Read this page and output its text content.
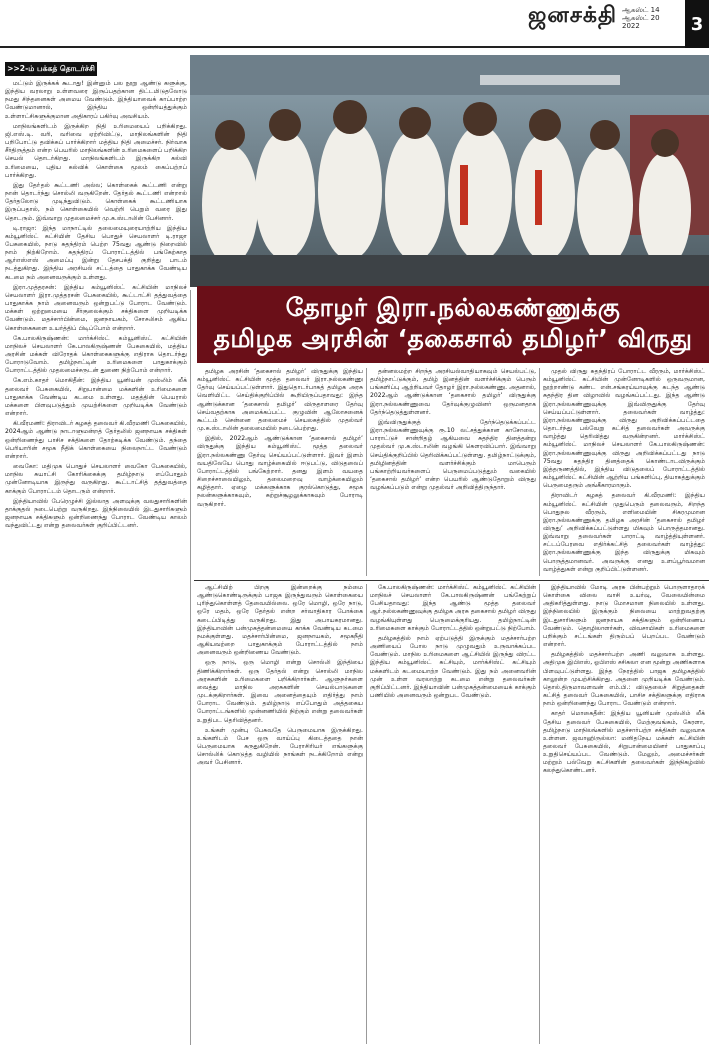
ஜனசக்தி ஆகஸ்ட் 14
ஆகஸ்ட் 20
2022	3
>>2-ம் பக்கத் தொடர்ச்சி

மட்டும் இருக்கக் கூடாது! இன்னும் பல நூறு ஆண்டு களுக்கு, இந்திய வரலாறு உள்ளவரை இருப்பதற்கான திட்டமிடுதலோடு நமது சிந்தனைகள் அமைய வேண்டும். இந்தியாவைக் காப்பாற்ற வேண்டுமானால், இந்திய ஒன்றியத்துக்கும் உள்ளாட்சிகளுக்குமான அதிகாரப் பகிர்வு அவசியம்.

மாநிலங்களிடம் இருக்கிற நிதி உரிமையைப் பறிக்கிறது. ஜி.எஸ்.டி. வரி, வரிவை ஏற்றிவிட்டு, மாநிலங்களின் நிதி பறிபோட்டு தவிக்கப் பார்க்கிறார் மத்திய நிதி அமைச்சர். நிர்வாக சீர்திருத்தம் என்ற பெயரில் மாநிலங்களின் உரிமைகளைப் பறிக்கிற செயல் தொடர்கிறது. மாநிலங்களிடம் இருக்கிற கல்வி உரிமையை, புதிய கல்விக் கொள்கை மூலம் கைப்பற்றப் பார்க்கிறது.

இது தோ்தல் கூட்டணி அல்ல; கொள்கைக் கூட்டணி என்று நான் தொடர்ந்து சொல்லி வருகிறேன். தேர்தல் கூட்டணி என்றால் தேர்தலோடு முடிந்துவிடும். கொள்கைக் கூட்டணியாக இருப்பதால், நம் கொள்கையில் வெற்றி பெறும் வரை இது தொடரும். இவ்வாறு முதலமைச்சர் மு.க.ஸ்டாலின் பேசினார்.

டி.ராஜா: இந்த மாநாட்டில் தலைமையுரையாற்றிய இந்திய கம்யூனிஸ்ட் கட்சியின் தேசிய பொதுச் செயலாளர் டி.ராஜா பேசுகையில், நாடு சுதந்திரம் பெற்ற 75வது ஆண்டு நிறைவில் நாம் நிற்கிறோம். சுதந்திரப் போராட்டத்தில் பங்கேற்காத ஆர்எஸ்எஸ் அமைப்பு இன்று தேசபக்தி குறித்து பாடம் நடத்துகிறது. இந்திய அரசியல் சட்டத்தை பாதுகாக்க வேண்டிய கடமை நம் அனைவருக்கும் உள்ளது.

இரா.முத்தரசன்: இந்திய கம்யூனிஸ்ட் கட்சியின் மாநிலச் செயலாளர் இரா.முத்தரசன் பேசுகையில், கூட்டாட்சி தத்துவத்தை பாதுகாக்க நாம் அனைவரும் ஒன்றுபட்டு போராட வேண்டும். மக்கள் ஒற்றுமையை சீர்குலைக்கும் சக்திகளை முறியடிக்க வேண்டும். மதச்சார்பின்மை, ஜனநாயகம், சோசலிசம் ஆகிய கொள்கைகளை உயர்த்திப் பிடிப்போம் என்றார்.

கே.பாலகிருஷ்ணன்: மார்க்சிஸ்ட் கம்யூனிஸ்ட் கட்சியின் மாநிலச் செயலாளர் கே.பாலகிருஷ்ணன் பேசுகையில், மத்திய அரசின் மக்கள் விரோதக் கொள்கைகளுக்கு எதிராக தொடர்ந்து போராடுவோம். தமிழ்நாட்டின் உரிமைகளை பாதுகாக்கும் போராட்டத்தில் முதலமைச்சருடன் துணை நிற்போம் என்றார்.

கே.எம்.காதர் மொகிதீன்: இந்திய யூனியன் முஸ்லிம் லீக் தலைவர் பேசுகையில், சிறுபான்மை மக்களின் உரிமைகளை பாதுகாக்க வேண்டிய கடமை உள்ளது. மதத்தின் பெயரால் மக்களை பிளவுபடுத்தும் முயற்சிகளை முறியடிக்க வேண்டும் என்றார்.

கி.வீரமணி: திராவிடர் கழகத் தலைவர் கி.வீரமணி பேசுகையில், 2024ஆம் ஆண்டு நாடாளுமன்றத் தேர்தலில் ஜனநாயக சக்திகள் ஒன்றிணைந்து பாசிச சக்திகளை தோற்கடிக்க வேண்டும். தந்தை பெரியாரின் சமூக நீதிக் கொள்கையை நிலைநாட்ட வேண்டும் என்றார்.

வைகோ: மதிமுக பொதுச் செயலாளர் வைகோ பேசுகையில், மாநில சுயாட்சி கோரிக்கைக்கு தமிழ்நாடு எப்போதும் முன்னோடியாக இருந்து வருகிறது. கூட்டாட்சித் தத்துவத்தை காக்கும் போராட்டம் தொடரும் என்றார்.

இந்தியாவில் பேரெழுச்சி இல்லாத அளவுக்கு வலதுசாரிகளின் தாக்குதல் நடைபெற்று வருகிறது. இந்நிலையில் இடதுசாரிகளும் ஜனநாயக சக்திகளும் ஒன்றிணைந்து போராட வேண்டிய காலம் வந்துவிட்டது என்று தலைவர்கள் குறிப்பிட்டனர்.

தோழர் இரா.நல்லகண்ணுக்கு
தமிழக அரசின் ‘தகைசால் தமிழர்’ விருது

தமிழக அரசின் ‘தகைசால் தமிழர்’ விருதுக்கு இந்திய கம்யூனிஸ்ட் கட்சியின் மூத்த தலைவர் இரா.நல்லகண்ணு தேர்வு செய்யப்பட்டுள்ளார். இதுதொடர்பாகத் தமிழக அரசு வெளியிட்ட செய்திக்குறிப்பில் கூறியிருப்பதாவது: இந்த ஆண்டுக்கான ‘தகைசால் தமிழர்’ விருதாளரை தேர்வு செய்வதற்காக அமைக்கப்பட்ட குழுவின் ஆலோசனைக் கூட்டம் சென்னை தலைமைச் செயலகத்தில் முதல்வர் மு.க.ஸ்டாலின் தலைமையில் நடைபெற்றது.

இதில், 2022ஆம் ஆண்டுக்கான ‘தகைசால் தமிழர்’ விருதுக்கு இந்திய கம்யூனிஸ்ட் மூத்த தலைவர் இரா.நல்லகண்ணு தேர்வு செய்யப்பட்டுள்ளார். இவர் இளம் வயதிலேயே பொது வாழ்க்கையில் ஈடுபட்டு, விடுதலைப் போராட்டத்தில் பங்கேற்றார். தனது இளம் வயதை சிறைச்சாலையிலும், தலைமறைவு வாழ்க்கையிலும் கழித்தார். ஏழை மக்களுக்காக குரல்கொடுத்து, சமூக நலன்களுக்காகவும், சுற்றுச்சூழலுக்காகவும் போராடி வருகிறார்.

தன்னலமற்ற சிறந்த அரசியல்வாதியாகவும் செயல்பட்டு, தமிழ்நாட்டுக்கும், தமிழ் இனத்தின் வளர்ச்சிக்கும் பெரும் பங்களிப்பு ஆற்றியவர் தோழர் இரா.நல்லகண்ணு. அதனால், 2022ஆம் ஆண்டுக்கான ‘தகைசால் தமிழர்’ விருதுக்கு இரா.நல்லகண்ணுவை தேர்வுக்குழுவினர் ஒருமனதாக தேர்ந்தெடுத்துள்ளனர்.

இவ்விருதுக்குத் தேர்ந்தெடுக்கப்பட்ட இரா.நல்லகண்ணுவுக்கு ரூ.10 லட்சத்துக்கான காசோலை, பாராட்டுச் சான்றிதழ் ஆகியவை சுதந்திர தினத்தன்று முதல்வர் மு.க.ஸ்டாலின் வழங்கி கௌரவிப்பார். இவ்வாறு செய்திக்குறிப்பில் தெரிவிக்கப்பட்டுள்ளது. தமிழ்நாட்டுக்கும், தமிழினத்தின் வளர்ச்சிக்கும் மாபெரும் பங்காற்றியவர்களைப் பெருமைப்படுத்தும் வகையில் ‘தகைசால் தமிழர்’ என்ற பெயரில் ஆண்டுதோறும் விருது வழங்கப்படும் என்று முதல்வர் அறிவித்திருந்தார்.

முதல் விருது சுதந்திரப் போராட்ட வீரரும், மார்க்சிஸ்ட் கம்யூனிஸ்ட் கட்சியின் முன்னோடிகளில் ஒருவருமான, நூற்றாண்டு கண்ட என்.சங்கரய்யாவுக்கு கடந்த ஆண்டு சுதந்திர தின விழாவில் வழங்கப்பட்டது. இந்த ஆண்டு இரா.நல்லகண்ணுவுக்கு இவ்விருதுக்கு தேர்வு செய்யப்பட்டுள்ளார். தலைவர்கள் வாழ்த்து: இரா.நல்லகண்ணுவுக்கு விருது அறிவிக்கப்பட்டதை தொடர்ந்து பல்வேறு கட்சித் தலைவர்கள் அவருக்கு வாழ்த்து தெரிவித்து வருகின்றனர். மார்க்சிஸ்ட் கம்யூனிஸ்ட் மாநிலச் செயலாளர் கே.பாலகிருஷ்ணன்: இரா.நல்லகண்ணுவுக்கு விருது அறிவிக்கப்பட்டது நாடு 75வது சுதந்திர தினத்தைக் கொண்டாடவிருக்கும் இத்தருணத்தில், இந்திய விடுதலைப் போராட்டத்தில் கம்யூனிஸ்ட் கட்சியின் ஆற்றிய பங்களிப்பு, தியாகத்துக்கும் பெருமைதரும் அங்கீகாரமாகும்.

திராவிடர் கழகத் தலைவர் கி.வீரமணி: இந்திய கம்யூனிஸ்ட் கட்சியின் முதுபெரும் தலைவரும், சிறந்த பொதுநல வீரரும், எளிமையின் சிகரமுமான இரா.நல்லகண்ணுக்கு தமிழக அரசின் ‘தகைசால் தமிழர் விருது’ அறிவிக்கப்பட்டுள்ளது மிகவும் பொருத்தமானது. இவ்வாறு தலைவர்கள் பாராட்டி வாழ்த்தியுள்ளனர். சட்டப்பேரவை எதிர்க்கட்சித் தலைவர்கள் வாழ்த்து: இரா.நல்லகண்ணுக்கு இந்த விருதுக்கு மிகவும் பொருத்தமானவர். அவருக்கு எனது உளப்பூர்வமான வாழ்த்துகள் என்று குறிப்பிட்டுள்ளனர்.

ஆட்சியிற் பிறகு இன்றைக்கு நம்மை ஆண்டுகொண்டிருக்கும் பாஜக இருந்துவரும் கொள்கையை புரிந்துகொள்ளத் தேவையில்லை. ஒரே மொழி, ஒரே நாடு, ஒரே மதம், ஒரே தேர்தல் என்ற சர்வாதிகார போக்கை கடைப்பிடித்து வருகிறது. இது அபாயகரமானது. இந்தியாவின் பன்முகத்தன்மையை காக்க வேண்டிய கடமை நமக்குள்ளது. மதச்சார்பின்மை, ஜனநாயகம், சமூகநீதி ஆகியவற்றை பாதுகாக்கும் போராட்டத்தில் நாம் அனைவரும் ஒன்றிணைய வேண்டும்.

ஒரு நாடு, ஒரு மொழி என்று சொல்லி இந்தியை திணிக்கிறார்கள். ஒரு தேர்தல் என்று சொல்லி மாநில அரசுகளின் உரிமைகளை பறிக்கிறார்கள். ஆளுநர்களை வைத்து மாநில அரசுகளின் செயல்பாடுகளை முடக்குகிறார்கள். இவை அனைத்தையும் எதிர்த்து நாம் போராட வேண்டும். தமிழ்நாடு எப்போதும் அத்தகைய போராட்டங்களில் முன்னணியில் நிற்கும் என்று தலைவர்கள் உறுதிபட தெரிவித்தனர்.

உங்கள் முன்பு பேசுவதே பெருமையாக இருக்கிறது. உங்களிடம் பேச ஒரு வாய்ப்பு கிடைத்ததை நான் பெருமையாக கருதுகிறேன். பேராசிரியர் எங்களுக்கு சொல்லிக் கொடுத்த வழியில் நாங்கள் நடக்கிறோம் என்று அவர் பேசினார்.

கே.பாலகிருஷ்ணன்: மார்க்சிஸ்ட் கம்யூனிஸ்ட் கட்சியின் மாநிலச் செயலாளர் கே.பாலகிருஷ்ணன் பங்கேற்றுப் பேசியதாவது: இந்த ஆண்டு மூத்த தலைவர் ஆர்.நல்லகண்ணுவுக்கு தமிழக அரசு தகைசால் தமிழர் விருது வழங்கியுள்ளது பெருமைக்குரியது. தமிழ்நாட்டின் உரிமைகளை காக்கும் போராட்டத்தில் ஒன்றுபட்டு நிற்போம்.

தமிழகத்தில் நாம் ஏற்படுத்தி இருக்கும் மதச்சார்பற்ற அணியைப் போல நாடு முழுவதும் உருவாக்கப்பட வேண்டும். மாநில உரிமைகளை ஆட்சியில் இருந்து விரட்ட இந்திய கம்யூனிஸ்ட் கட்சியும், மார்க்சிஸ்ட் கட்சியும் மக்களிடம் கடமையாற்ற வேண்டும். இது நம் அனைவரின் முன் உள்ள வரலாற்று கடமை என்று தலைவர்கள் குறிப்பிட்டனர். இந்தியாவின் பன்முகத்தன்மையைக் காக்கும் பணியில் அனைவரும் ஒன்றுபட வேண்டும்.

இந்தியாவில் மோடி அரசு பின்பற்றும் பொருளாதாரக் கொள்கை விலை வாசி உயர்வு, வேலையின்மை அதிகரித்துள்ளது. நாடு மோசமான நிலையில் உள்ளது. இந்நிலையில் இருக்கும் நிலையை மாற்றுவதற்கு இடதுசாரிகளும் ஜனநாயக சக்திகளும் ஒன்றிணைய வேண்டும். தொழிலாளர்கள், விவசாயிகள் உரிமைகளை பறிக்கும் சட்டங்கள் திரும்பப் பெறப்பட வேண்டும் என்றார்.

தமிழகத்தில் மதச்சார்பற்ற அணி வலுவாக உள்ளது. அதிமுக இபிஎஸ், ஓபிஎஸ் சசிகலா என மூன்று அணிகளாக பிளவுபட்டுள்ளது. இந்த நேரத்தில் பாஜக தமிழகத்தில் காலூன்ற முயற்சிக்கிறது. அதனை முறியடிக்க வேண்டும். தொல்.திருமாவளவன் எம்.பி.: விடுதலைச் சிறுத்தைகள் கட்சித் தலைவர் பேசுகையில், பாசிச சக்திகளுக்கு எதிராக நாம் ஒன்றிணைந்து போராட வேண்டும் என்றார்.

காதர் மொகைதீன்: இந்திய யூனியன் முஸ்லிம் லீக் தேசிய தலைவர் பேசுகையில், மேற்குவங்கம், கேரளா, தமிழ்நாடு மாநிலங்களில் மதச்சார்பற்ற சக்திகள் வலுவாக உள்ளன. ஜவாஹிருல்லா: மனிதநேய மக்கள் கட்சியின் தலைவர் பேசுகையில், சிறுபான்மையினர் பாதுகாப்பு உறுதிசெய்யப்பட வேண்டும். மேலும், அமைச்சர்கள் மற்றும் பல்வேறு கட்சிகளின் தலைவர்கள் இந்நிகழ்வில் கலந்துகொண்டனர்.
